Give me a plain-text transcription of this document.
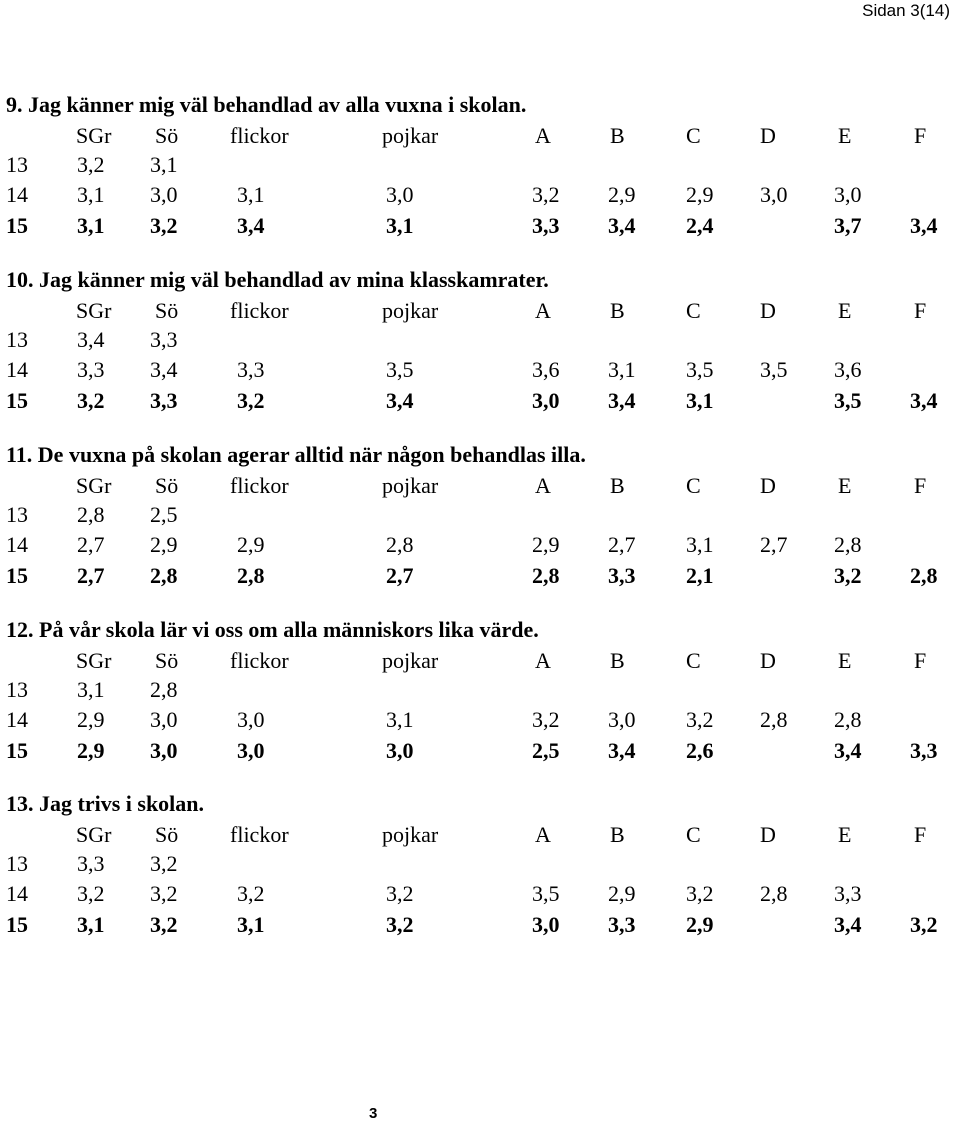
Sidan 3(14)
9. Jag känner mig väl behandlad av alla vuxna i skolan.
SGr Sö flickor	pojkar	A	B	C	D	E	F
13 3,2 3,1
14 3,1 3,0	3,1	3,0	3,2 2,9 2,9 3,0 3,0
15 3,1 3,2	3,4	3,1	3,3 3,4 2,4	3,7 3,4
10. Jag känner mig väl behandlad av mina klasskamrater.
SGr Sö flickor	pojkar	A	B	C	D	E	F
13 3,4 3,3
14 3,3 3,4	3,3	3,5	3,6 3,1 3,5 3,5 3,6
15 3,2 3,3	3,2	3,4	3,0 3,4 3,1	3,5 3,4
11. De vuxna på skolan agerar alltid när någon behandlas illa.
SGr Sö flickor	pojkar	A	B	C	D	E	F
13 2,8 2,5
14 2,7 2,9	2,9	2,8	2,9 2,7 3,1 2,7 2,8
15 2,7 2,8	2,8	2,7	2,8 3,3 2,1	3,2 2,8
12. På vår skola lär vi oss om alla människors lika värde.
SGr Sö flickor	pojkar	A	B	C	D	E	F
13 3,1 2,8
14 2,9 3,0	3,0	3,1	3,2 3,0 3,2 2,8 2,8
15 2,9 3,0	3,0	3,0	2,5 3,4 2,6	3,4 3,3
13. Jag trivs i skolan.
SGr Sö flickor	pojkar	A	B	C	D	E	F
13 3,3 3,2
14 3,2 3,2	3,2	3,2	3,5 2,9 3,2 2,8 3,3
15 3,1 3,2	3,1	3,2	3,0 3,3 2,9	3,4 3,2
3
